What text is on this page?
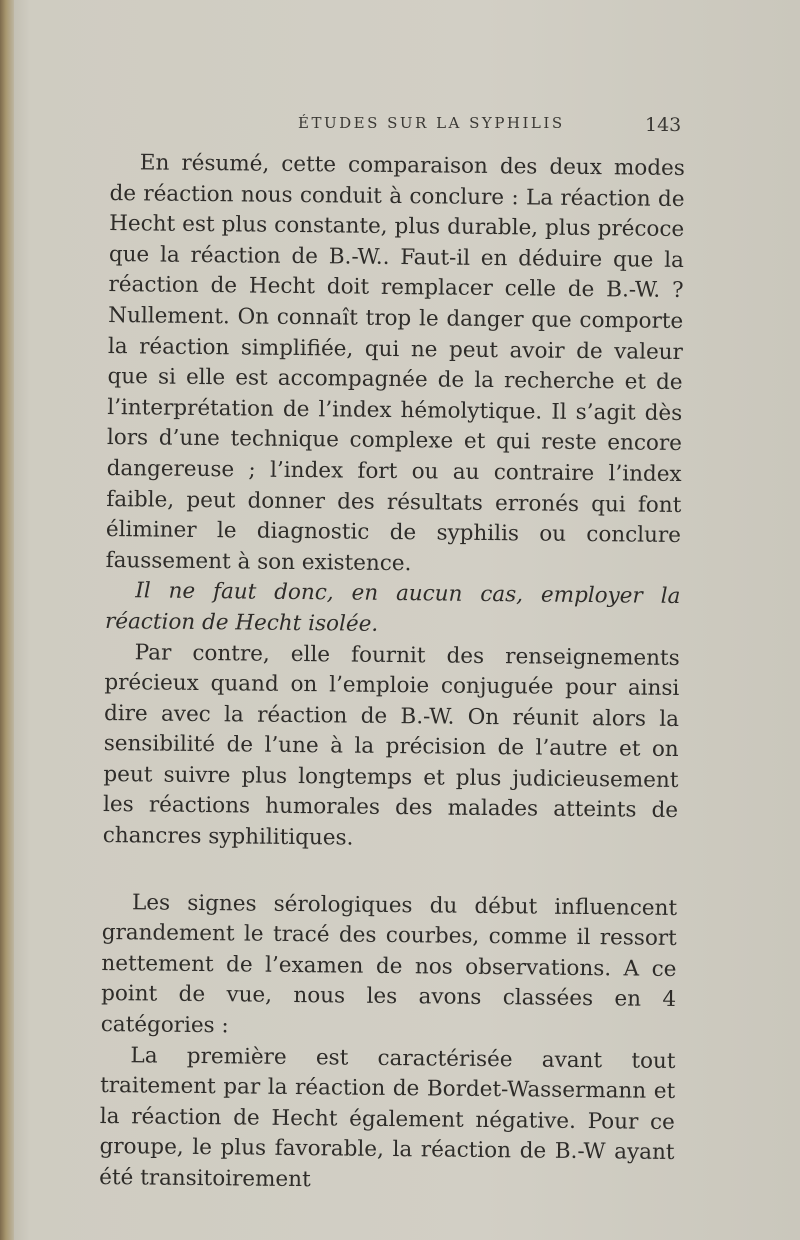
ÉTUDES SUR LA SYPHILIS	143

En résumé, cette comparaison des deux modes de réaction nous conduit à conclure : La réaction de Hecht est plus constante, plus durable, plus précoce que la réaction de B.-W.. Faut-il en déduire que la réaction de Hecht doit remplacer celle de B.-W. ? Nullement. On connaît trop le danger que comporte la réaction simplifiée, qui ne peut avoir de valeur que si elle est accompagnée de la recherche et de l’interprétation de l’index hémolytique. Il s’agit dès lors d’une technique complexe et qui reste encore dangereuse ; l’index fort ou au contraire l’index faible, peut donner des résultats erronés qui font éliminer le diagnostic de syphilis ou conclure faussement à son existence.

Il ne faut donc, en aucun cas, employer la réaction de Hecht isolée.

Par contre, elle fournit des renseignements précieux quand on l’emploie conjuguée pour ainsi dire avec la réaction de B.-W. On réunit alors la sensibilité de l’une à la précision de l’autre et on peut suivre plus longtemps et plus judicieusement les réactions humorales des malades atteints de chancres syphilitiques.

Les signes sérologiques du début influencent grandement le tracé des courbes, comme il ressort nettement de l’examen de nos observations. A ce point de vue, nous les avons classées en 4 catégories :

La première est caractérisée avant tout traitement par la réaction de Bordet-Wassermann et la réaction de Hecht également négative. Pour ce groupe, le plus favorable, la réaction de B.-W ayant été transitoirement
